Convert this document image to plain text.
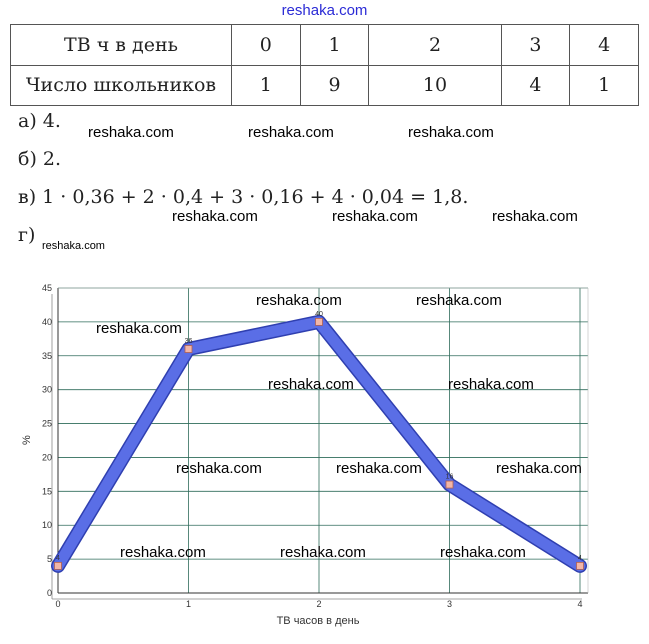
reshaka.com
ТВ ч в день	0	1	2	3	4
Число школьников	1	9	10	4	1
а) 4.
б) 2.
в) 1 · 0,36 + 2 · 0,4 + 3 · 0,16 + 4 · 0,04 = 1,8.
г)
0
5
10
15
20
25
30
35
40
45
0	1	2	3	4
4
36
40
16
4
%
ТВ часов в день
reshaka.com	reshaka.com	reshaka.com
reshaka.com	reshaka.com	reshaka.com
reshaka.com
reshaka.com	reshaka.com
reshaka.com
reshaka.com	reshaka.com
reshaka.com	reshaka.com	reshaka.com
reshaka.com	reshaka.com	reshaka.com
